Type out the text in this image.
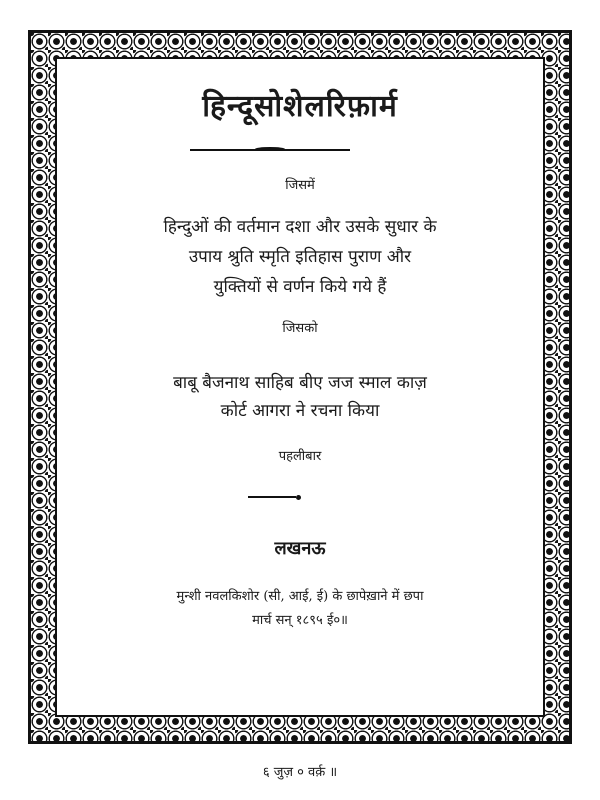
हिन्दूसोशेलरिफ़ार्म
जिसमें
हिन्दुओं की वर्तमान दशा और उसके सुधार के
उपाय श्रुति स्मृति इतिहास पुराण और
युक्तियों से वर्णन किये गये हैं
जिसको
बाबू बैजनाथ साहिब बीए जज स्माल काज़
कोर्ट आगरा ने रचना किया
पहलीबार
लखनऊ
मुन्शी नवलकिशोर (सी, आई, ई) के छापेख़ाने में छपा
मार्च सन् १८९५ ई०॥
६ जुज़ ० वर्क़ ॥
